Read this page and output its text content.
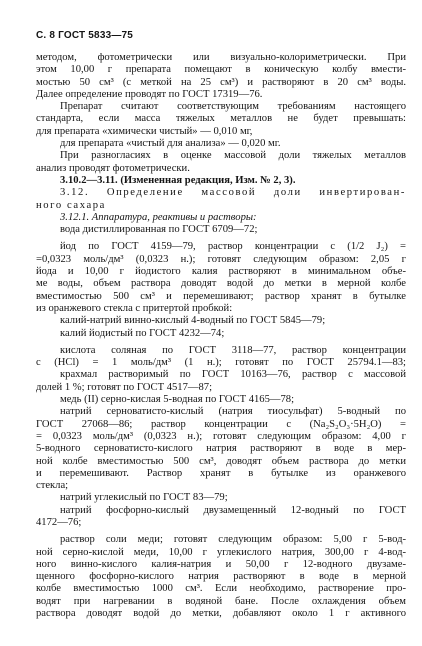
С. 8 ГОСТ 5833—75
методом, фотометрически или визуально-колориметрически. При
этом 10,00 г препарата помещают в коническую колбу вмести-
мостью 50 см³ (с меткой на 25 см³) и растворяют в 20 см³ воды.
Далее определение проводят по ГОСТ 17319—76.
Препарат считают соответствующим требованиям настоящего
стандарта, если масса тяжелых металлов не будет превышать:
для препарата «химически чистый» — 0,010 мг,
для препарата «чистый для анализа» — 0,020 мг.
При разногласиях в оценке массовой доли тяжелых металлов
анализ проводят фотометрически.
3.10.2—3.11. (Измененная редакция, Изм. № 2, 3).
3.12. Определение массовой доли инвертирован-
ного сахара
3.12.1. Аппаратура, реактивы и растворы:
вода дистиллированная по ГОСТ 6709—72;
йод по ГОСТ 4159—79, раствор концентрации c (1/2 J₂) =
=0,0323 моль/дм³ (0,0323 н.); готовят следующим образом: 2,05 г
йода и 10,00 г йодистого калия растворяют в минимальном объе-
ме воды, объем раствора доводят водой до метки в мерной колбе
вместимостью 500 см³ и перемешивают; раствор хранят в бутылке
из оранжевого стекла с притертой пробкой:
калий-натрий винно-кислый 4-водный по ГОСТ 5845—79;
калий йодистый по ГОСТ 4232—74;
кислота соляная по ГОСТ 3118—77, раствор концентрации
c (HCl) = 1 моль/дм³ (1 н.); готовят по ГОСТ 25794.1—83;
крахмал растворимый по ГОСТ 10163—76, раствор с массовой
долей 1 %; готовят по ГОСТ 4517—87;
медь (II) серно-кислая 5-водная по ГОСТ 4165—78;
натрий серноватисто-кислый (натрия тиосульфат) 5-водный по
ГОСТ 27068—86; раствор концентрации c (Na₂S₂O₃·5H₂O) =
= 0,0323 моль/дм³ (0,0323 н.); готовят следующим образом: 4,00 г
5-водного серноватисто-кислого натрия растворяют в воде в мер-
ной колбе вместимостью 500 см³, доводят объем раствора до метки
и перемешивают. Раствор хранят в бутылке из оранжевого
стекла;
натрий углекислый по ГОСТ 83—79;
натрий фосфорно-кислый двузамещенный 12-водный по ГОСТ
4172—76;
раствор соли меди; готовят следующим образом: 5,00 г 5-вод-
ной серно-кислой меди, 10,00 г углекислого натрия, 300,00 г 4-вод-
ного винно-кислого калия-натрия и 50,00 г 12-водного двузаме-
щенного фосфорно-кислого натрия растворяют в воде в мерной
колбе вместимостью 1000 см³. Если необходимо, растворение про-
водят при нагревании в водяной бане. После охлаждения объем
раствора доводят водой до метки, добавляют около 1 г активного
